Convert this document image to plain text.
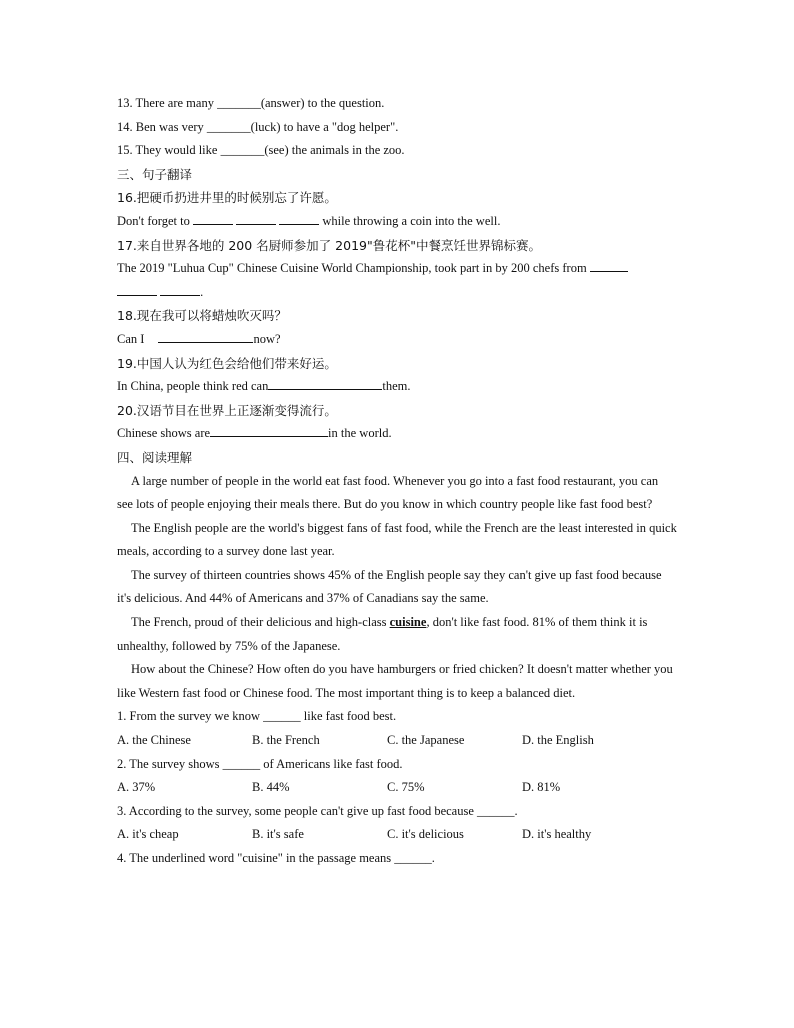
13. There are many _______(answer) to the question.
14. Ben was very _______(luck) to have a "dog helper".
15. They would like _______(see) the animals in the zoo.
三、句子翻译
16.把硬币扔进井里的时候别忘了许愿。
Don't forget to	while throwing a coin into the well.
17.来自世界各地的 200 名厨师参加了 2019"鲁花杯"中餐烹饪世界锦标赛。
The 2019 "Luhua Cup" Chinese Cuisine World Championship, took part in by 200 chefs from
.
18.现在我可以将蜡烛吹灭吗？
Can I	now?
19.中国人认为红色会给他们带来好运。
In China, people think red can	them.
20.汉语节目在世界上正逐渐变得流行。
Chinese shows are	in the world.
四、阅读理解
A large number of people in the world eat fast food. Whenever you go into a fast food restaurant, you can see lots of people enjoying their meals there. But do you know in which country people like fast food best?
The English people are the world's biggest fans of fast food, while the French are the least interested in quick meals, according to a survey done last year.
The survey of thirteen countries shows 45% of the English people say they can't give up fast food because it's delicious. And 44% of Americans and 37% of Canadians say the same.
The French, proud of their delicious and high-class cuisine, don't like fast food. 81% of them think it is unhealthy, followed by 75% of the Japanese.
How about the Chinese? How often do you have hamburgers or fried chicken? It doesn't matter whether you like Western fast food or Chinese food. The most important thing is to keep a balanced diet.
1. From the survey we know ______ like fast food best.
A. the Chinese	B. the French	C. the Japanese	D. the English
2. The survey shows ______ of Americans like fast food.
A. 37%	B. 44%	C. 75%	D. 81%
3. According to the survey, some people can't give up fast food because ______.
A. it's cheap	B. it's safe	C. it's delicious	D. it's healthy
4. The underlined word "cuisine" in the passage means ______.
